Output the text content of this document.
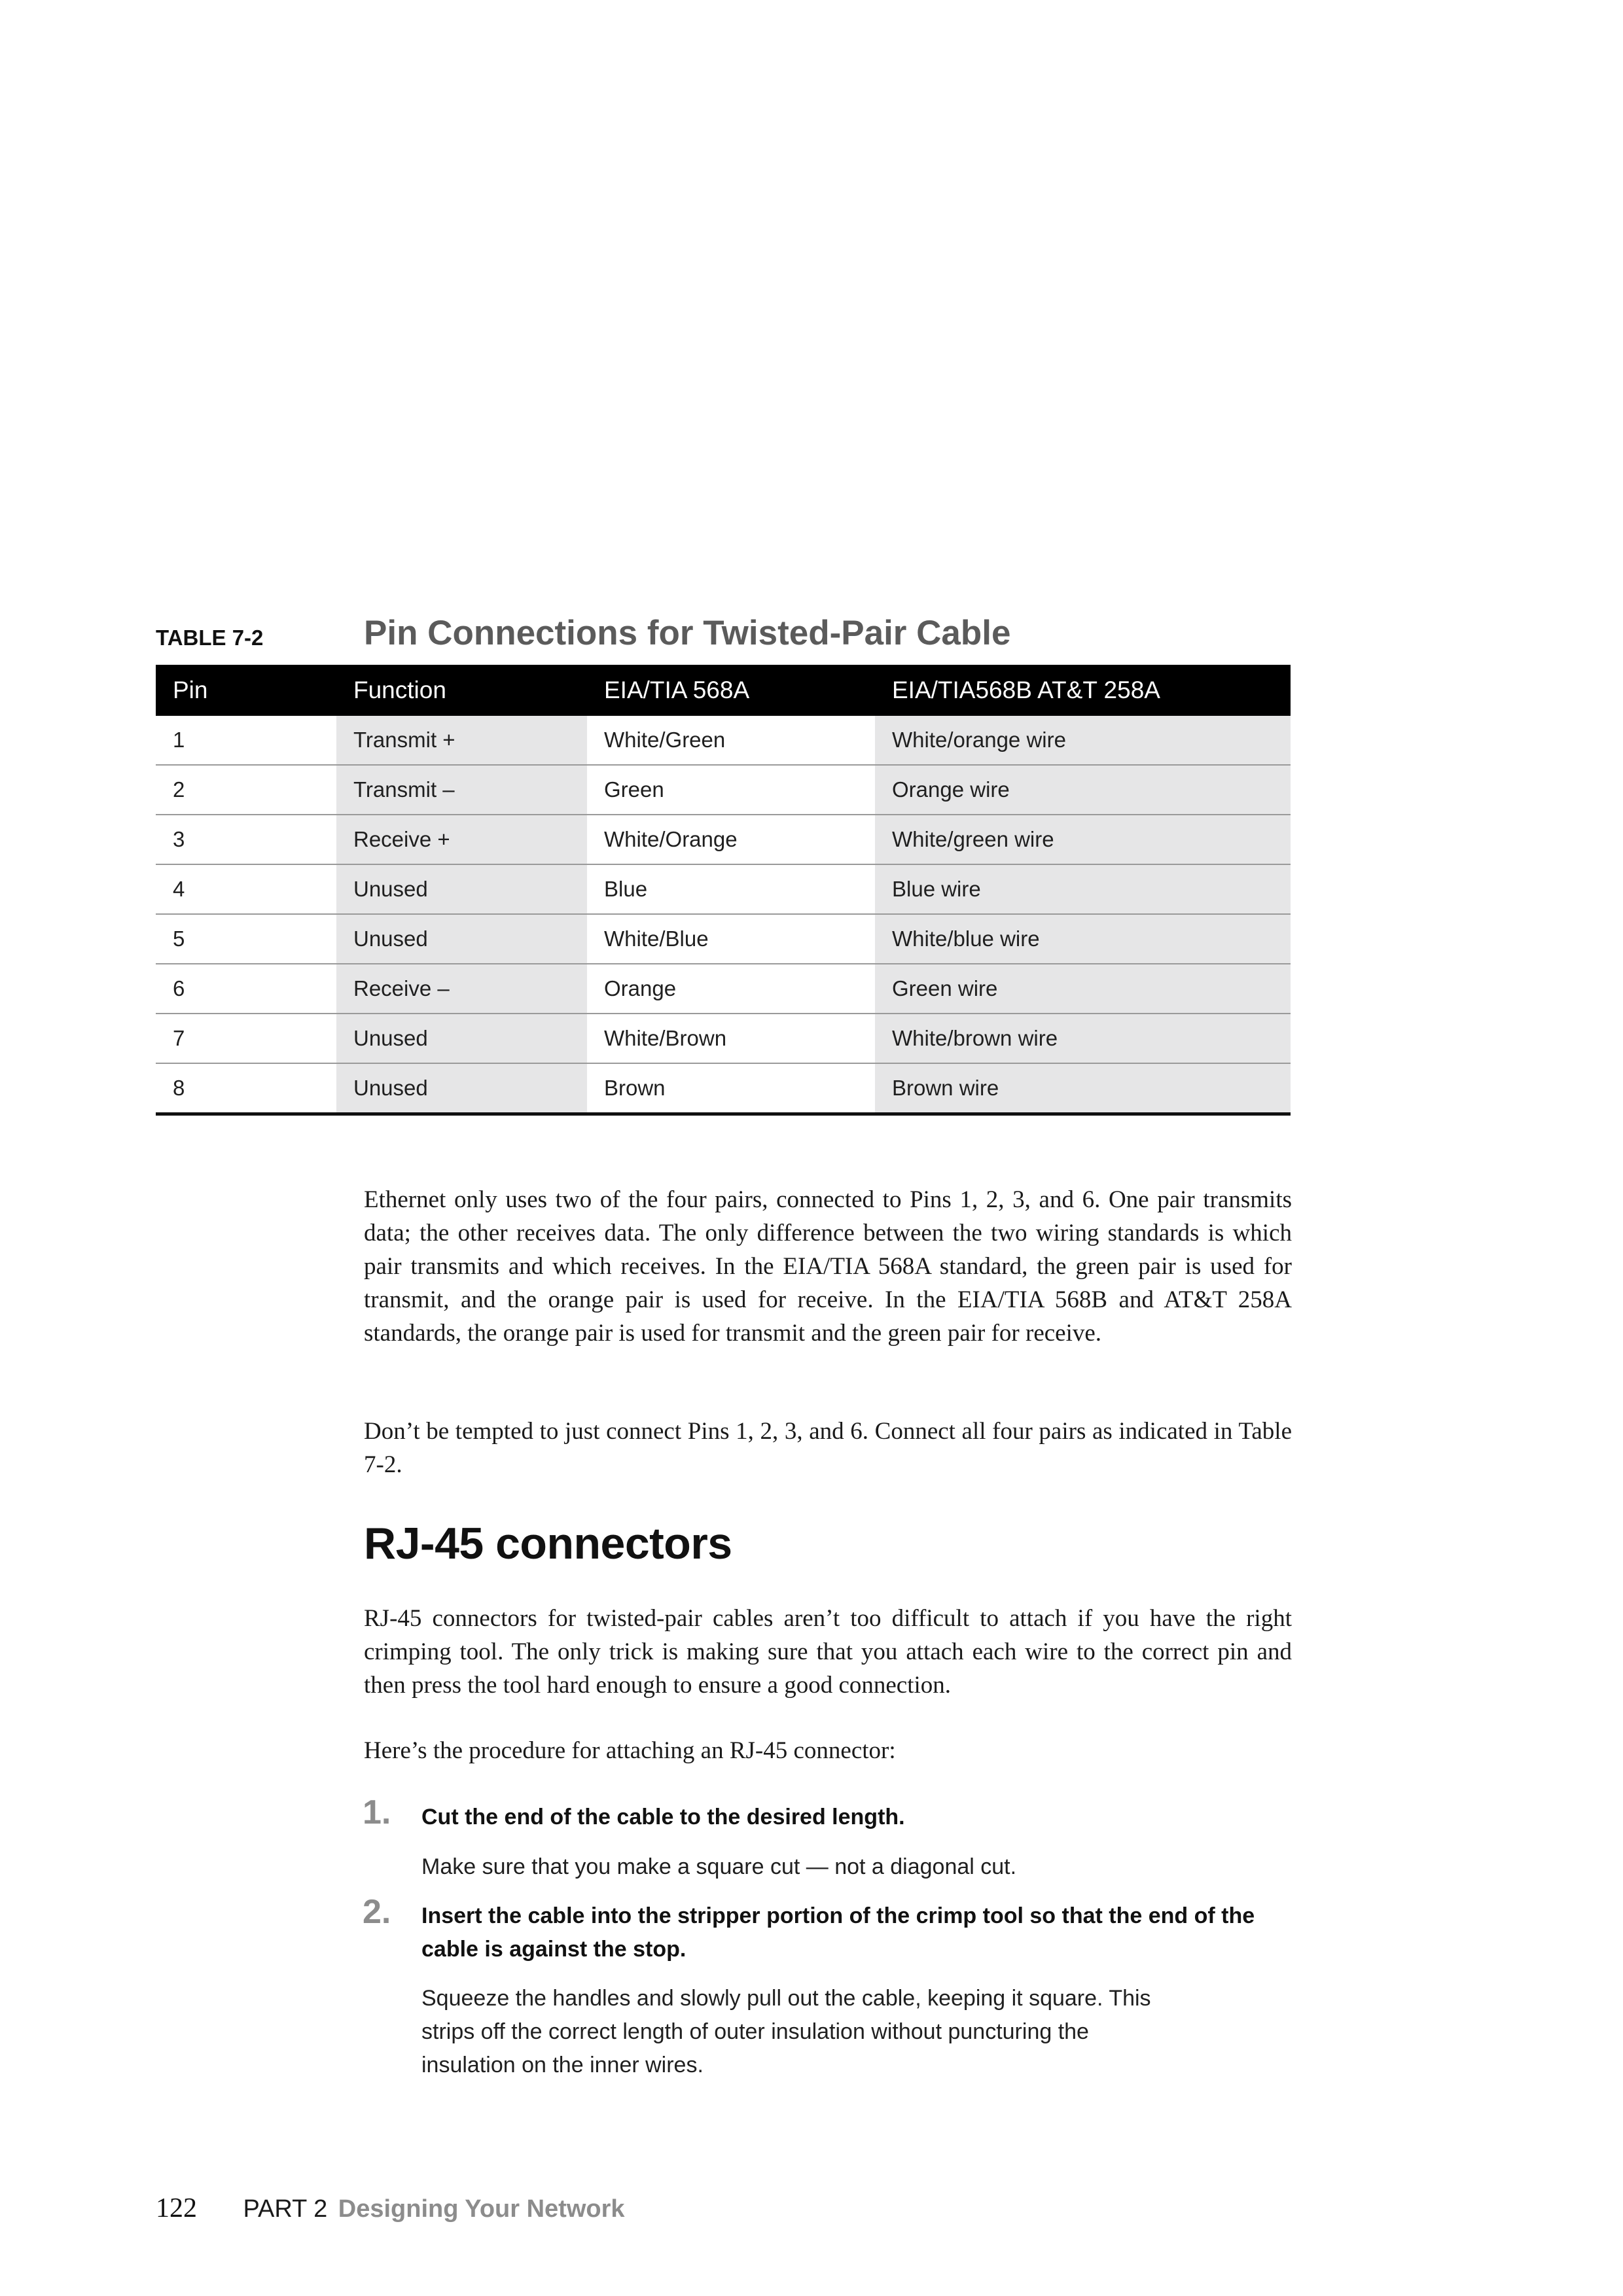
TABLE 7-2	Pin Connections for Twisted-Pair Cable
Pin	Function	EIA/TIA 568A	EIA/TIA568B AT&T 258A
1	Transmit +	White/Green	White/orange wire
2	Transmit –	Green	Orange wire
3	Receive +	White/Orange	White/green wire
4	Unused	Blue	Blue wire
5	Unused	White/Blue	White/blue wire
6	Receive –	Orange	Green wire
7	Unused	White/Brown	White/brown wire
8	Unused	Brown	Brown wire

Ethernet only uses two of the four pairs, connected to Pins 1, 2, 3, and 6. One pair transmits data; the other receives data. The only difference between the two wiring standards is which pair transmits and which receives. In the EIA/TIA 568A standard, the green pair is used for transmit, and the orange pair is used for receive. In the EIA/TIA 568B and AT&T 258A standards, the orange pair is used for transmit and the green pair for receive.

Don’t be tempted to just connect Pins 1, 2, 3, and 6. Connect all four pairs as indicated in Table 7-2.

RJ-45 connectors

RJ-45 connectors for twisted-pair cables aren’t too difficult to attach if you have the right crimping tool. The only trick is making sure that you attach each wire to the correct pin and then press the tool hard enough to ensure a good connection.

Here’s the procedure for attaching an RJ-45 connector:

1. Cut the end of the cable to the desired length.

Make sure that you make a square cut — not a diagonal cut.

2. Insert the cable into the stripper portion of the crimp tool so that the end of the cable is against the stop.

Squeeze the handles and slowly pull out the cable, keeping it square. This strips off the correct length of outer insulation without puncturing the insulation on the inner wires.

122 PART 2 Designing Your Network
